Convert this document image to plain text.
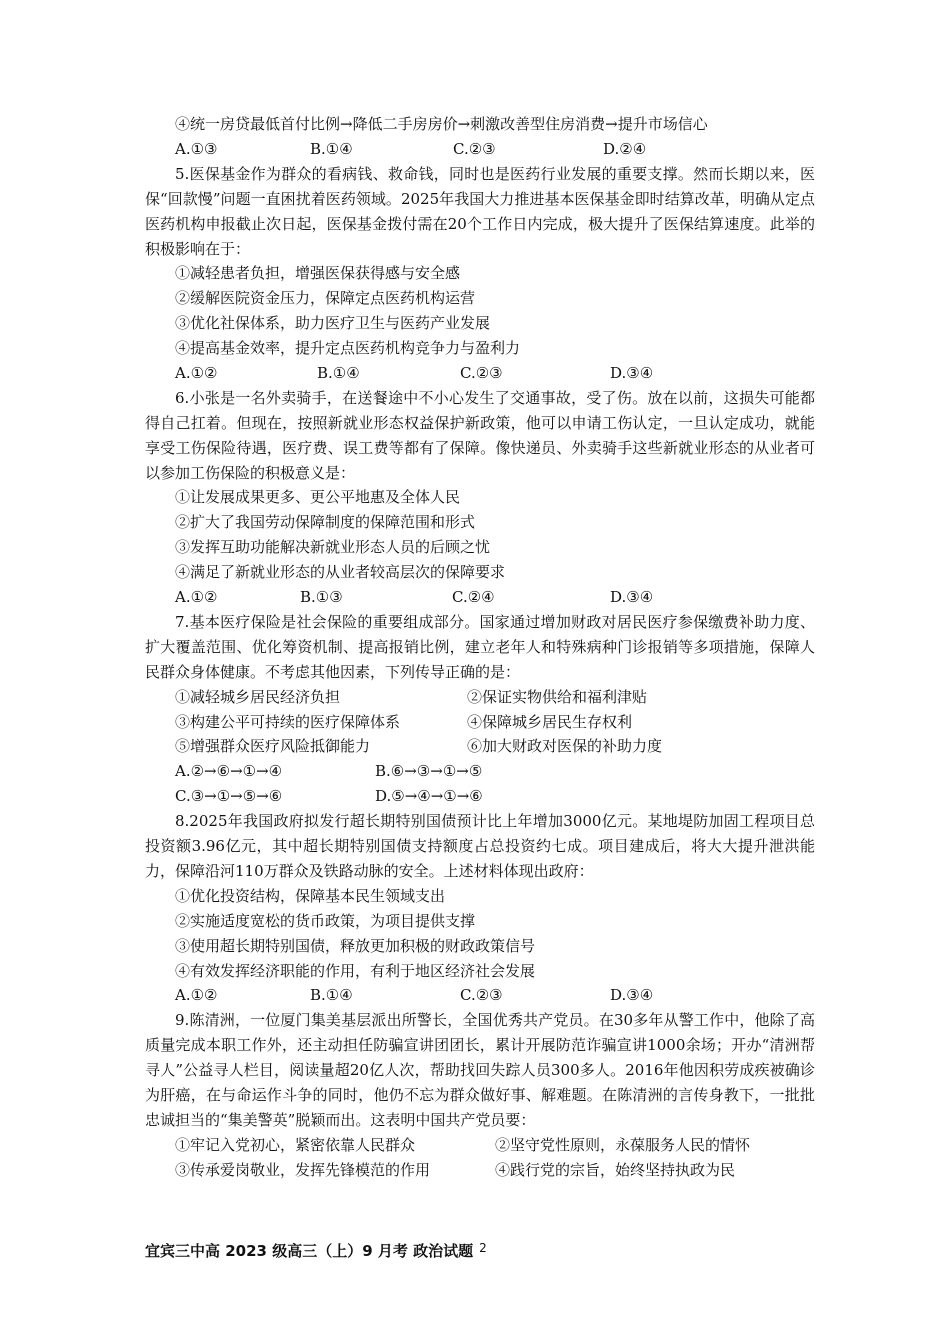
④统一房贷最低首付比例→降低二手房房价→刺激改善型住房消费→提升市场信心
A.①③	B.①④	C.②③	D.②④
5.医保基金作为群众的看病钱、救命钱，同时也是医药行业发展的重要支撑。然而长期以来，医保“回款慢”问题一直困扰着医药领域。2025年我国大力推进基本医保基金即时结算改革，明确从定点医药机构申报截止次日起，医保基金拨付需在20个工作日内完成，极大提升了医保结算速度。此举的积极影响在于：
①减轻患者负担，增强医保获得感与安全感
②缓解医院资金压力，保障定点医药机构运营
③优化社保体系，助力医疗卫生与医药产业发展
④提高基金效率，提升定点医药机构竞争力与盈利力
A.①②	B.①④	C.②③	D.③④
6.小张是一名外卖骑手，在送餐途中不小心发生了交通事故，受了伤。放在以前，这损失可能都得自己扛着。但现在，按照新就业形态权益保护新政策，他可以申请工伤认定，一旦认定成功，就能享受工伤保险待遇，医疗费、误工费等都有了保障。像快递员、外卖骑手这些新就业形态的从业者可以参加工伤保险的积极意义是：
①让发展成果更多、更公平地惠及全体人民
②扩大了我国劳动保障制度的保障范围和形式
③发挥互助功能解决新就业形态人员的后顾之忧
④满足了新就业形态的从业者较高层次的保障要求
A.①②	B.①③	C.②④	D.③④
7.基本医疗保险是社会保险的重要组成部分。国家通过增加财政对居民医疗参保缴费补助力度、扩大覆盖范围、优化筹资机制、提高报销比例，建立老年人和特殊病种门诊报销等多项措施，保障人民群众身体健康。不考虑其他因素，下列传导正确的是：
①减轻城乡居民经济负担	②保证实物供给和福利津贴
③构建公平可持续的医疗保障体系	④保障城乡居民生存权利
⑤增强群众医疗风险抵御能力	⑥加大财政对医保的补助力度
A.②→⑥→①→④	B.⑥→③→①→⑤
C.③→①→⑤→⑥	D.⑤→④→①→⑥
8.2025年我国政府拟发行超长期特别国债预计比上年增加3000亿元。某地堤防加固工程项目总投资额3.96亿元，其中超长期特别国债支持额度占总投资约七成。项目建成后，将大大提升泄洪能力，保障沿河110万群众及铁路动脉的安全。上述材料体现出政府：
①优化投资结构，保障基本民生领域支出
②实施适度宽松的货币政策，为项目提供支撑
③使用超长期特别国债，释放更加积极的财政政策信号
④有效发挥经济职能的作用，有利于地区经济社会发展
A.①②	B.①④	C.②③	D.③④
9.陈清洲，一位厦门集美基层派出所警长，全国优秀共产党员。在30多年从警工作中，他除了高质量完成本职工作外，还主动担任防骗宣讲团团长，累计开展防范诈骗宣讲1000余场；开办“清洲帮寻人”公益寻人栏目，阅读量超20亿人次，帮助找回失踪人员300多人。2016年他因积劳成疾被确诊为肝癌，在与命运作斗争的同时，他仍不忘为群众做好事、解难题。在陈清洲的言传身教下，一批批忠诚担当的“集美警英”脱颖而出。这表明中国共产党员要：
①牢记入党初心，紧密依靠人民群众	②坚守党性原则，永葆服务人民的情怀
③传承爱岗敬业，发挥先锋模范的作用	④践行党的宗旨，始终坚持执政为民
宜宾三中高 2023 级高三（上）9 月考 政治试题 $^2$
